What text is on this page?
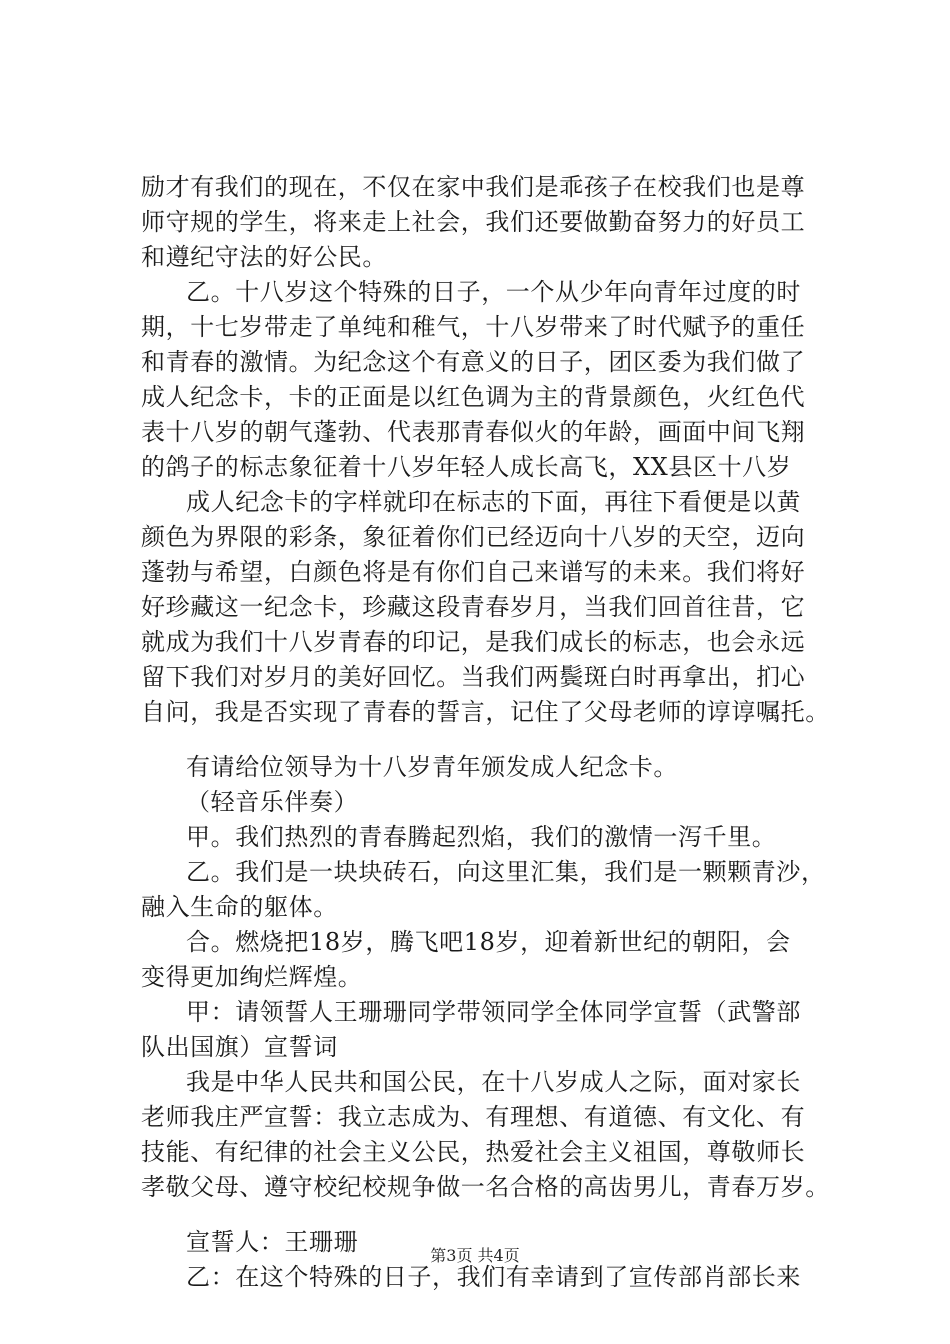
励才有我们的现在，不仅在家中我们是乖孩子在校我们也是尊
师守规的学生，将来走上社会，我们还要做勤奋努力的好员工
和遵纪守法的好公民。
乙。十八岁这个特殊的日子，一个从少年向青年过度的时
期，十七岁带走了单纯和稚气，十八岁带来了时代赋予的重任
和青春的激情。为纪念这个有意义的日子，团区委为我们做了
成人纪念卡，卡的正面是以红色调为主的背景颜色，火红色代
表十八岁的朝气蓬勃、代表那青春似火的年龄，画面中间飞翔
的鸽子的标志象征着十八岁年轻人成长高飞，XX县区十八岁
成人纪念卡的字样就印在标志的下面，再往下看便是以黄
颜色为界限的彩条，象征着你们已经迈向十八岁的天空，迈向
蓬勃与希望，白颜色将是有你们自己来谱写的未来。我们将好
好珍藏这一纪念卡，珍藏这段青春岁月，当我们回首往昔，它
就成为我们十八岁青春的印记，是我们成长的标志，也会永远
留下我们对岁月的美好回忆。当我们两鬓斑白时再拿出，扪心
自问，我是否实现了青春的誓言，记住了父母老师的谆谆嘱托。
有请给位领导为十八岁青年颁发成人纪念卡。
（轻音乐伴奏）
甲。我们热烈的青春腾起烈焰，我们的激情一泻千里。
乙。我们是一块块砖石，向这里汇集，我们是一颗颗青沙，
融入生命的躯体。
合。燃烧把18岁，腾飞吧18岁，迎着新世纪的朝阳，会
变得更加绚烂辉煌。
甲：请领誓人王珊珊同学带领同学全体同学宣誓（武警部
队出国旗）宣誓词
我是中华人民共和国公民，在十八岁成人之际，面对家长
老师我庄严宣誓：我立志成为、有理想、有道德、有文化、有
技能、有纪律的社会主义公民，热爱社会主义祖国，尊敬师长
孝敬父母、遵守校纪校规争做一名合格的高齿男儿，青春万岁。
宣誓人：王珊珊
乙：在这个特殊的日子，我们有幸请到了宣传部肖部长来
第3页 共4页
